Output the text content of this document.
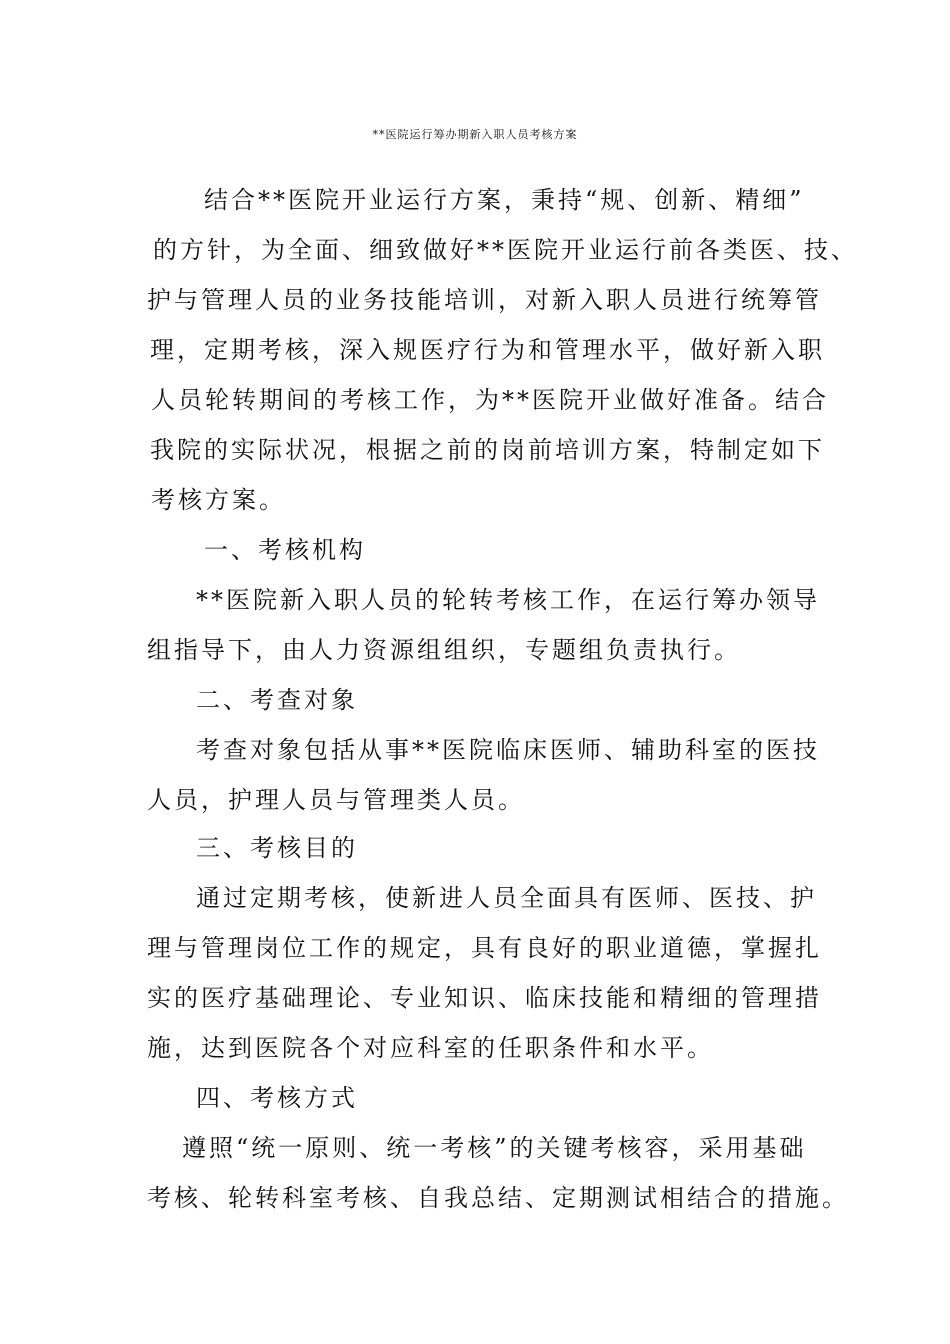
**医院运行筹办期新入职人员考核方案
结合**医院开业运行方案，秉持“规、创新、精细”
的方针，为全面、细致做好**医院开业运行前各类医、技、
护与管理人员的业务技能培训，对新入职人员进行统筹管
理，定期考核，深入规医疗行为和管理水平，做好新入职
人员轮转期间的考核工作，为**医院开业做好准备。结合
我院的实际状况，根据之前的岗前培训方案，特制定如下
考核方案。
一、考核机构
**医院新入职人员的轮转考核工作，在运行筹办领导
组指导下，由人力资源组组织，专题组负责执行。
二、考查对象
考查对象包括从事**医院临床医师、辅助科室的医技
人员，护理人员与管理类人员。
三、考核目的
通过定期考核，使新进人员全面具有医师、医技、护
理与管理岗位工作的规定，具有良好的职业道德，掌握扎
实的医疗基础理论、专业知识、临床技能和精细的管理措
施，达到医院各个对应科室的任职条件和水平。
四、考核方式
遵照“统一原则、统一考核”的关键考核容，采用基础
考核、轮转科室考核、自我总结、定期测试相结合的措施。
